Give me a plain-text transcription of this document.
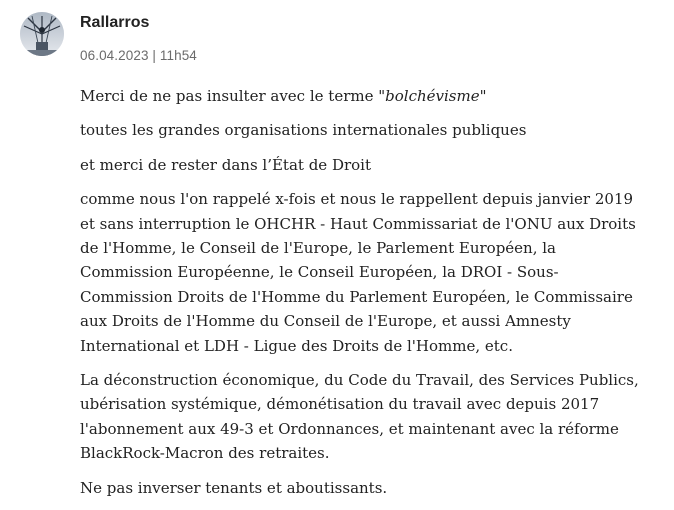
Rallarros
06.04.2023 | 11h54

Merci de ne pas insulter avec le terme "bolchévisme"

toutes les grandes organisations internationales publiques

et merci de rester dans l’État de Droit

comme nous l'on rappelé x-fois et nous le rappellent depuis janvier 2019
et sans interruption le OHCHR - Haut Commissariat de l'ONU aux Droits
de l'Homme, le Conseil de l'Europe, le Parlement Européen, la
Commission Européenne, le Conseil Européen, la DROI - Sous-
Commission Droits de l'Homme du Parlement Européen, le Commissaire
aux Droits de l'Homme du Conseil de l'Europe, et aussi Amnesty
International et LDH - Ligue des Droits de l'Homme, etc.

La déconstruction économique, du Code du Travail, des Services Publics,
ubérisation systémique, démonétisation du travail avec depuis 2017
l'abonnement aux 49-3 et Ordonnances, et maintenant avec la réforme
BlackRock-Macron des retraites.

Ne pas inverser tenants et aboutissants.
